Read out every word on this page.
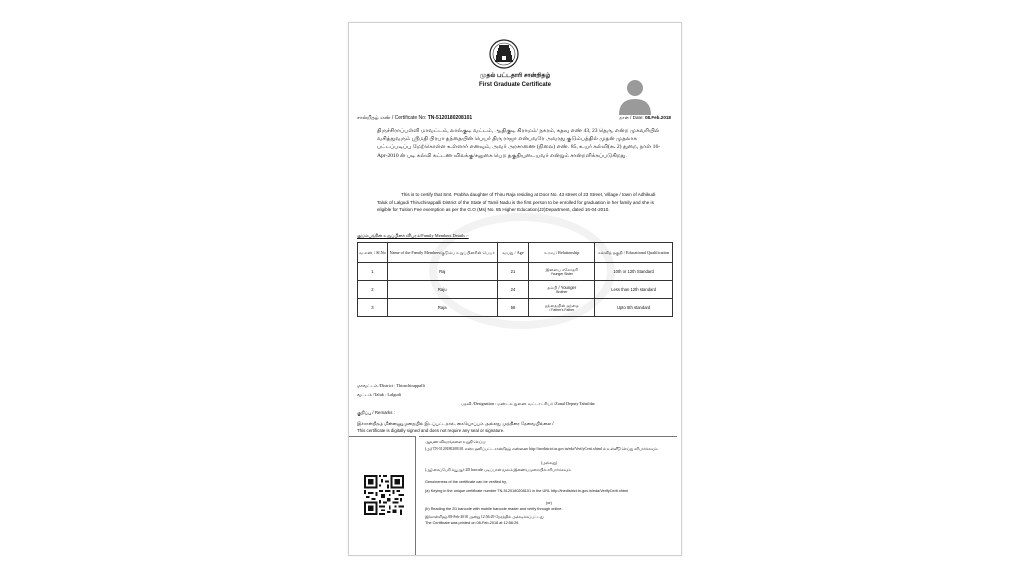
முதல் பட்டதாரி சான்றிதழ்
First Graduate Certificate
சான்றிதழ் எண் / Certificate No: TN-5120180208101	நாள் / Date: 08.Feb.2018
திருச்சிராப்பள்ளி மாவட்டம், லால்குடி வட்டம், ஆதிகுடி கிராமம்/ நகரம், கதவு எண் 43, 23 தெரு, என்ற முகவரியில் வசித்துவரும் ஸ்ரீமதி பிரபா தந்தையின் பெயர் திரு ராஜா என்பவரே அவரது குடும்பத்தில் முதன் முதலாக பட்டப்படிப்பு மேற்கொள்ள உள்ளார் எனவும், அவர் அரசாணை (நிலை) எண். 85, உயர் கல்வி(கூ 2) துறை, நாள் 16-Apr-2010 ன் படி கல்வி கட்டண விலக்கு/சலுகை பெற தகுதியுடையவர் என்றும் சான்றளிக்கப்படுகிறது.
This is to certify that Smt. Prabha daughter of Thiru Raja residing at Door No. 43 street of 23 Street, Village / town of Adhikudi Taluk of Lalgudi Thiruchirappalli District of the State of Tamil Nadu is the first person to be enrolled for graduation in her family and she is eligible for Tuition Fee exemption as per the G.O (Ms) No. 85 Higher Education(J2)Department, dated 16-04-2010.
குடும்பத்தின் உறுப்பினர் விபரம்/Family Members Details :-
வ.எண் / Sl.No	Name of the Family Members/குடும்ப உறுப்பினரின் பெயர்	வயது / Age	உறவு / Relationship	கல்வித் தகுதி / Educational Qualification
1	Raj	21	இளைய சகோதரி
Younger Sister	10th or 12th Standard
2	Raju	24	தம்பி / Younger
Brother	Less than 12th standard
3	Raja	58	தந்தையின் தந்தை
/ Father's Father	Upto 5th standard
மாவட்டம் /District : Thiruchirappalli
வட்டம் /Taluk : Lalgudi
பதவி /Designation : மண்டல துணை வட்டாட்சியர் /Zonal Deputy Tahsildar
குறிப்பு / Remarks :
இச்சான்றிதழ் மின்னணுமுறையில் இடப்பட்டதால், கையொப்பம் அல்லது முத்திரை தேவையில்லை /
This certificate is digitally signed and does not require any seal or signature.
ஆவண விவரங்களை உறுதி செய்ய:
(அ) TN-5120180208101 என்ற தனிப்பட்ட சான்றிதழ் எண்ணை http://tnedistrict.tn.gov.in/eda/VerifyCerti.xhtml ல் உள்ளீடு செய்து சரிபார்க்கவும்.
(அல்லது)
(ஆ) கைப்பேசி க்யூஆர் 2D barcode படிப்பான் மூலம் இணையமுறையில் சரிபார்க்கவும்.
Genuineness of the certificate can be verified by,
(a) Keying in the unique certificate number TN-5120180208101 in the URL http://tnedistrict.tn.gov.in/eda/VerifyCerti.xhtml
(or)
(b) Reading the 2D barcode with mobile barcode reader and verify through online.
இச்சான்றிதழ் 08-Feb-2018 அன்று 12:56:29 நேரத்தில் அச்சடிக்கப்பட்டது
The Certificate was printed on 08-Feb-2018 at 12:56:29.
